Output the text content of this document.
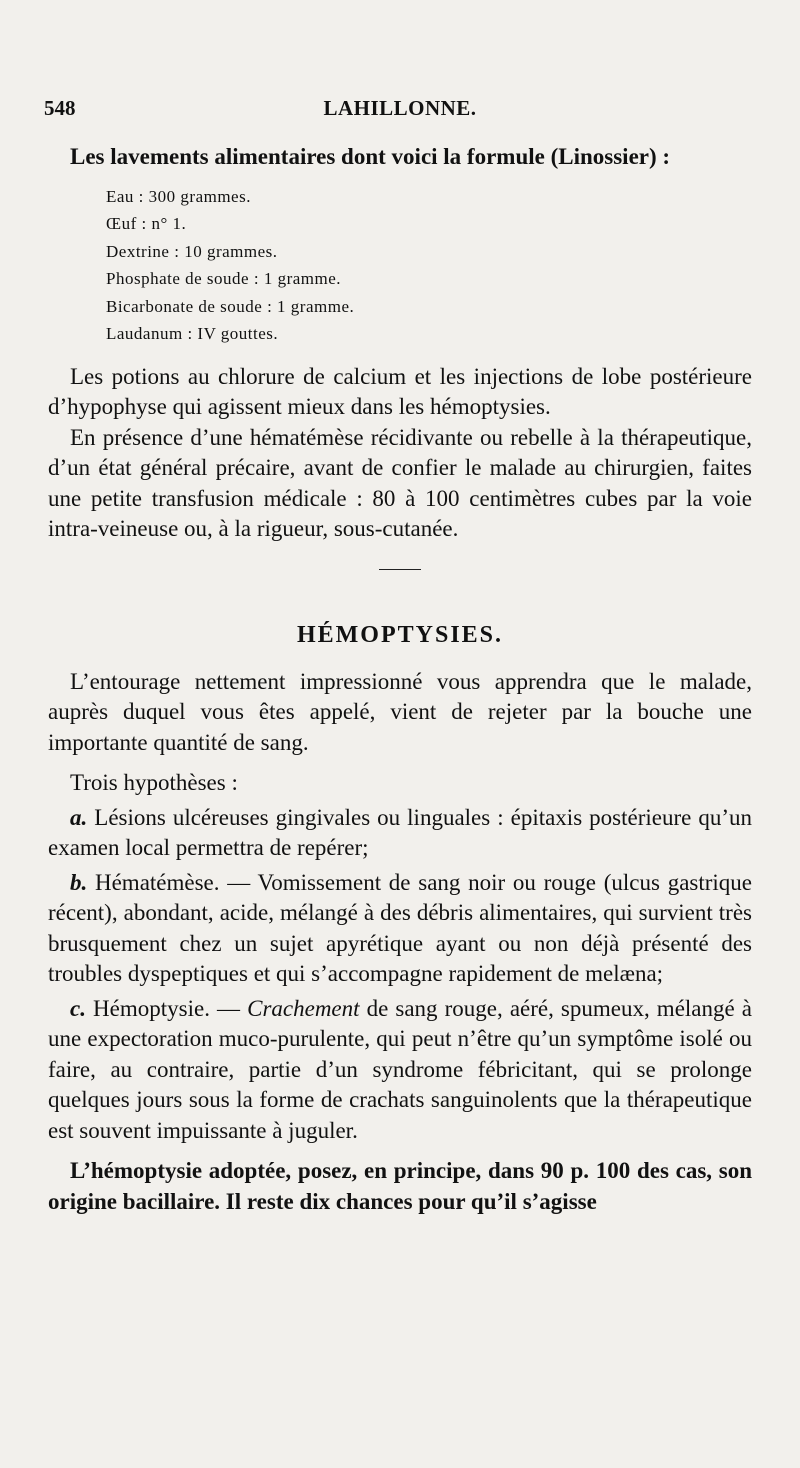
548	LAHILLONNE.

Les lavements alimentaires dont voici la formule (Linossier) :

Eau : 300 grammes.
Œuf : n° 1.
Dextrine : 10 grammes.
Phosphate de soude : 1 gramme.
Bicarbonate de soude : 1 gramme.
Laudanum : IV gouttes.

Les potions au chlorure de calcium et les injections de lobe postérieure d’hypophyse qui agissent mieux dans les hémoptysies.

En présence d’une hématémèse récidivante ou rebelle à la thérapeutique, d’un état général précaire, avant de confier le malade au chirurgien, faites une petite transfusion médicale : 80 à 100 centimètres cubes par la voie intra-veineuse ou, à la rigueur, sous-cutanée.

HÉMOPTYSIES.

L’entourage nettement impressionné vous apprendra que le malade, auprès duquel vous êtes appelé, vient de rejeter par la bouche une importante quantité de sang.

Trois hypothèses :

a. Lésions ulcéreuses gingivales ou linguales : épitaxis postérieure qu’un examen local permettra de repérer;

b. Hématémèse. — Vomissement de sang noir ou rouge (ulcus gastrique récent), abondant, acide, mélangé à des débris alimentaires, qui survient très brusquement chez un sujet apyrétique ayant ou non déjà présenté des troubles dyspeptiques et qui s’accompagne rapidement de melæna;

c. Hémoptysie. — Crachement de sang rouge, aéré, spumeux, mélangé à une expectoration muco-purulente, qui peut n’être qu’un symptôme isolé ou faire, au contraire, partie d’un syndrome fébricitant, qui se prolonge quelques jours sous la forme de crachats sanguinolents que la thérapeutique est souvent impuissante à juguler.

L’hémoptysie adoptée, posez, en principe, dans 90 p. 100 des cas, son origine bacillaire. Il reste dix chances pour qu’il s’agisse
